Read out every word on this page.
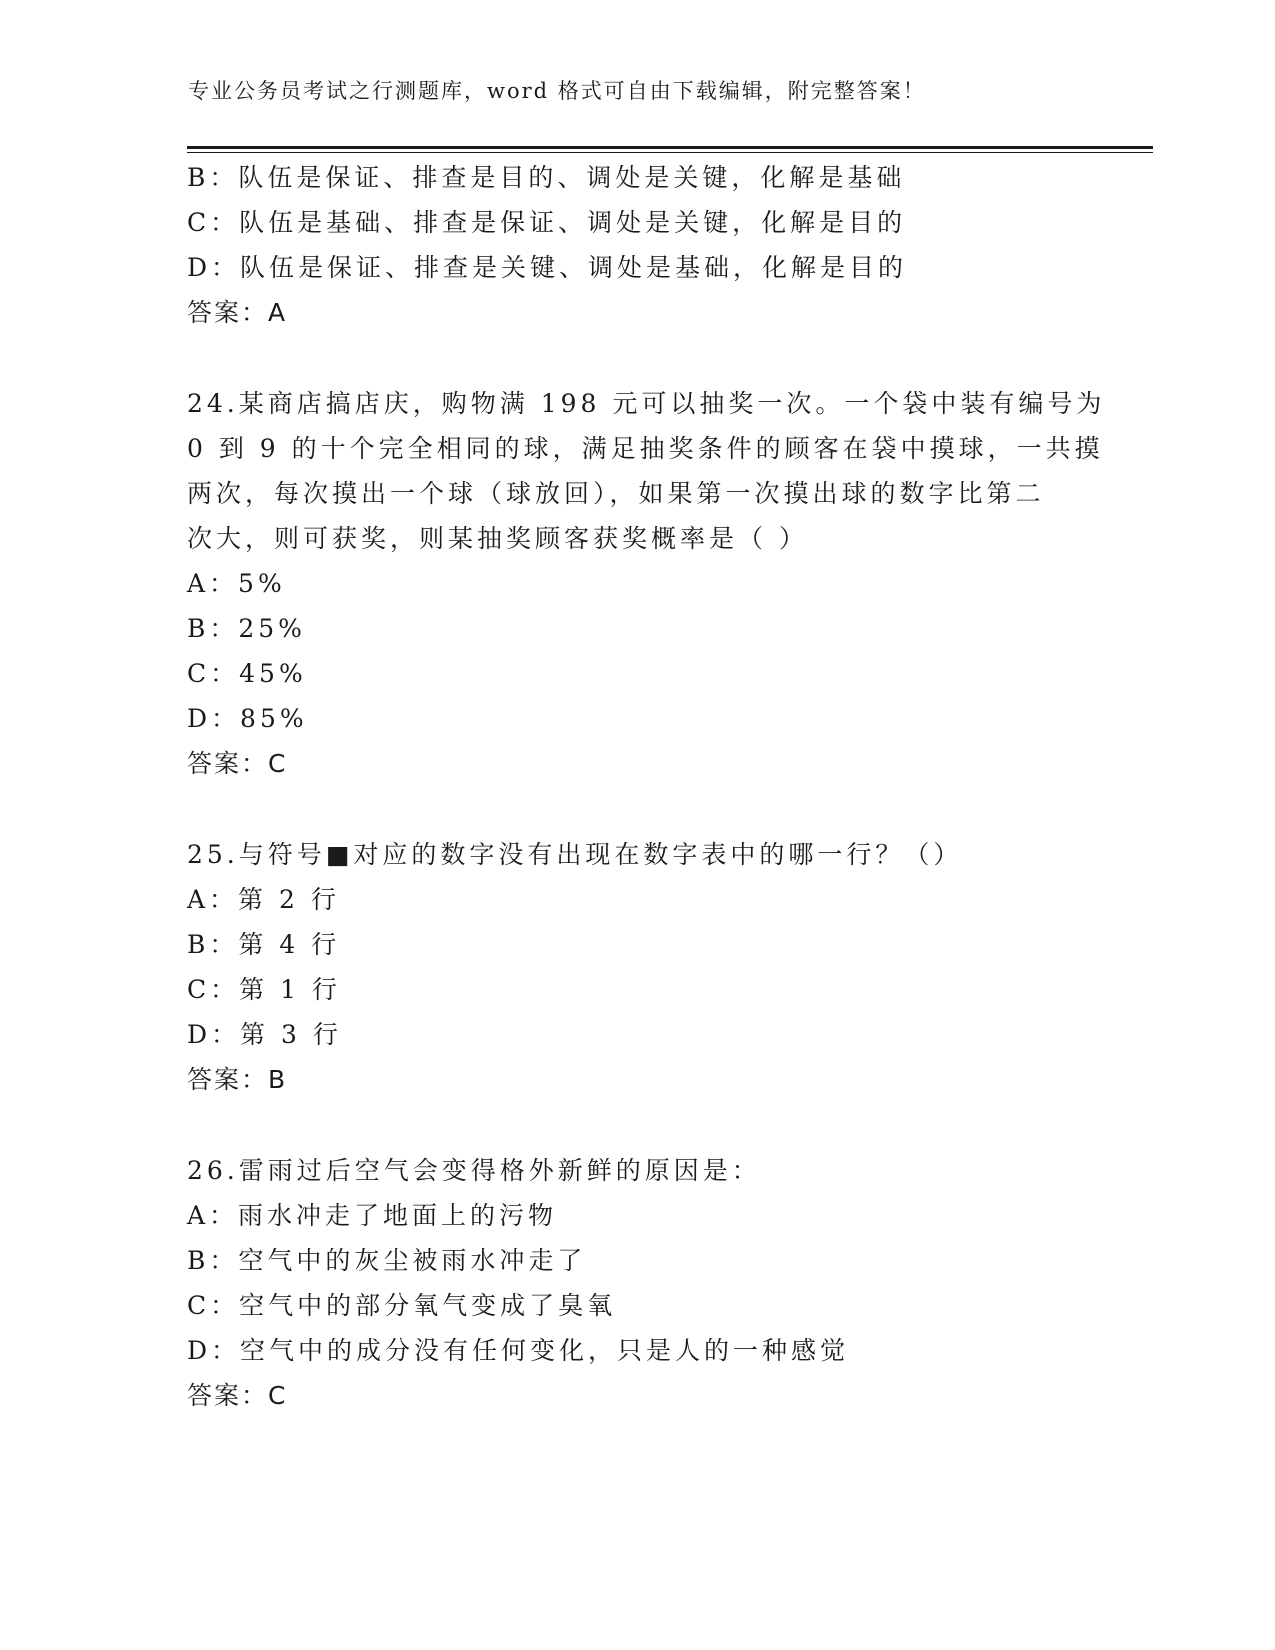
专业公务员考试之行测题库，word 格式可自由下载编辑，附完整答案！
B：队伍是保证、排查是目的、调处是关键，化解是基础
C：队伍是基础、排查是保证、调处是关键，化解是目的
D：队伍是保证、排查是关键、调处是基础，化解是目的
答案：A
24.某商店搞店庆，购物满 198 元可以抽奖一次。一个袋中装有编号为
0 到 9 的十个完全相同的球，满足抽奖条件的顾客在袋中摸球，一共摸
两次，每次摸出一个球（球放回），如果第一次摸出球的数字比第二
次大，则可获奖，则某抽奖顾客获奖概率是（ ）
A：5%
B：25%
C：45%
D：85%
答案：C
25.与符号■对应的数字没有出现在数字表中的哪一行？（）
A：第 2 行
B：第 4 行
C：第 1 行
D：第 3 行
答案：B
26.雷雨过后空气会变得格外新鲜的原因是：
A：雨水冲走了地面上的污物
B：空气中的灰尘被雨水冲走了
C：空气中的部分氧气变成了臭氧
D：空气中的成分没有任何变化，只是人的一种感觉
答案：C
